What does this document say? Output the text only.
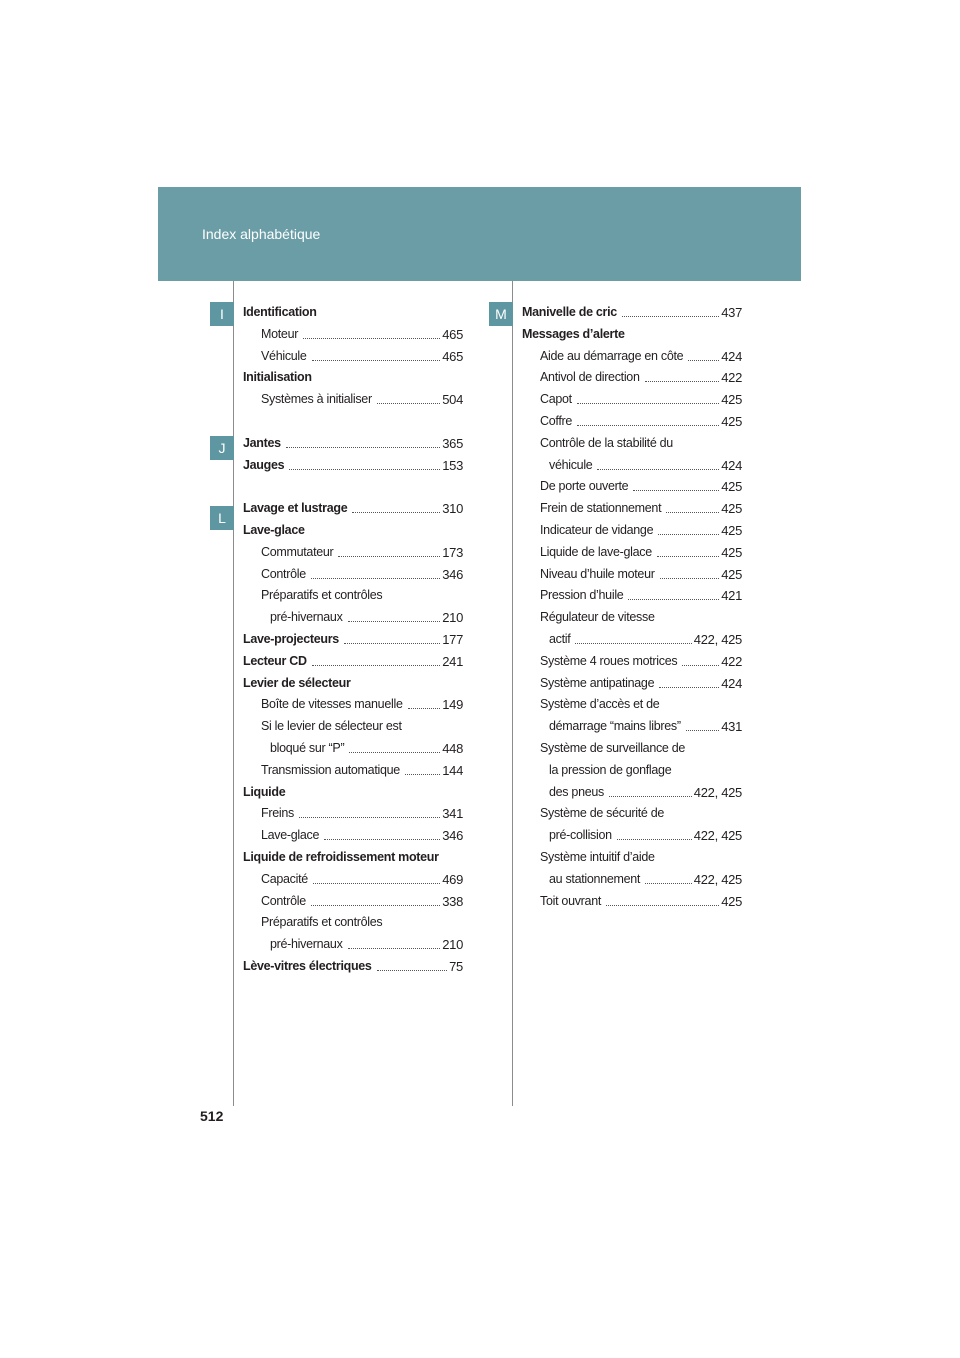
Index alphabétique
I
J
L
M
Identification
Moteur	465
Véhicule	465
Initialisation
Systèmes à initialiser	504
Jantes	365
Jauges	153
Lavage et lustrage	310
Lave-glace
Commutateur	173
Contrôle	346
Préparatifs et contrôles
pré-hivernaux	210
Lave-projecteurs	177
Lecteur CD	241
Levier de sélecteur
Boîte de vitesses manuelle	149
Si le levier de sélecteur est
bloqué sur “P”	448
Transmission automatique	144
Liquide
Freins	341
Lave-glace	346
Liquide de refroidissement moteur
Capacité	469
Contrôle	338
Préparatifs et contrôles
pré-hivernaux	210
Lève-vitres électriques	75
Manivelle de cric	437
Messages d’alerte
Aide au démarrage en côte	424
Antivol de direction	422
Capot	425
Coffre	425
Contrôle de la stabilité du
véhicule	424
De porte ouverte	425
Frein de stationnement	425
Indicateur de vidange	425
Liquide de lave-glace	425
Niveau d’huile moteur	425
Pression d’huile	421
Régulateur de vitesse
actif	422, 425
Système 4 roues motrices	422
Système antipatinage	424
Système d’accès et de
démarrage “mains libres”	431
Système de surveillance de
la pression de gonflage
des pneus	422, 425
Système de sécurité de
pré-collision	422, 425
Système intuitif d’aide
au stationnement	422, 425
Toit ouvrant	425
512
